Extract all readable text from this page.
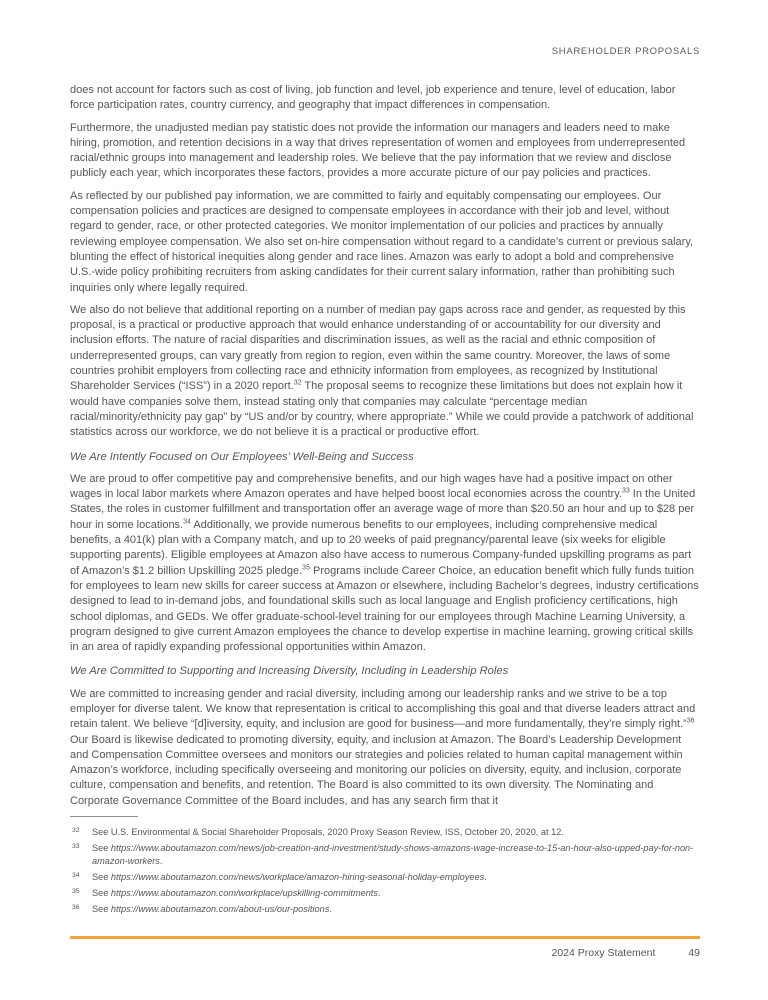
SHAREHOLDER PROPOSALS

does not account for factors such as cost of living, job function and level, job experience and tenure, level of education, labor force participation rates, country currency, and geography that impact differences in compensation.

Furthermore, the unadjusted median pay statistic does not provide the information our managers and leaders need to make hiring, promotion, and retention decisions in a way that drives representation of women and employees from underrepresented racial/ethnic groups into management and leadership roles. We believe that the pay information that we review and disclose publicly each year, which incorporates these factors, provides a more accurate picture of our pay policies and practices.

As reflected by our published pay information, we are committed to fairly and equitably compensating our employees. Our compensation policies and practices are designed to compensate employees in accordance with their job and level, without regard to gender, race, or other protected categories. We monitor implementation of our policies and practices by annually reviewing employee compensation. We also set on-hire compensation without regard to a candidate’s current or previous salary, blunting the effect of historical inequities along gender and race lines. Amazon was early to adopt a bold and comprehensive U.S.-wide policy prohibiting recruiters from asking candidates for their current salary information, rather than prohibiting such inquiries only where legally required.

We also do not believe that additional reporting on a number of median pay gaps across race and gender, as requested by this proposal, is a practical or productive approach that would enhance understanding of or accountability for our diversity and inclusion efforts. The nature of racial disparities and discrimination issues, as well as the racial and ethnic composition of underrepresented groups, can vary greatly from region to region, even within the same country. Moreover, the laws of some countries prohibit employers from collecting race and ethnicity information from employees, as recognized by Institutional Shareholder Services (“ISS”) in a 2020 report.$^{32}$ The proposal seems to recognize these limitations but does not explain how it would have companies solve them, instead stating only that companies may calculate “percentage median racial/minority/ethnicity pay gap” by “US and/or by country, where appropriate.” While we could provide a patchwork of additional statistics across our workforce, we do not believe it is a practical or productive effort.

We Are Intently Focused on Our Employees’ Well-Being and Success

We are proud to offer competitive pay and comprehensive benefits, and our high wages have had a positive impact on other wages in local labor markets where Amazon operates and have helped boost local economies across the country.$^{33}$ In the United States, the roles in customer fulfillment and transportation offer an average wage of more than $20.50 an hour and up to $28 per hour in some locations.$^{34}$ Additionally, we provide numerous benefits to our employees, including comprehensive medical benefits, a 401(k) plan with a Company match, and up to 20 weeks of paid pregnancy/parental leave (six weeks for eligible supporting parents). Eligible employees at Amazon also have access to numerous Company-funded upskilling programs as part of Amazon’s $1.2 billion Upskilling 2025 pledge.$^{35}$ Programs include Career Choice, an education benefit which fully funds tuition for employees to learn new skills for career success at Amazon or elsewhere, including Bachelor’s degrees, industry certifications designed to lead to in-demand jobs, and foundational skills such as local language and English proficiency certifications, high school diplomas, and GEDs. We offer graduate-school-level training for our employees through Machine Learning University, a program designed to give current Amazon employees the chance to develop expertise in machine learning, growing critical skills in an area of rapidly expanding professional opportunities within Amazon.

We Are Committed to Supporting and Increasing Diversity, Including in Leadership Roles

We are committed to increasing gender and racial diversity, including among our leadership ranks and we strive to be a top employer for diverse talent. We know that representation is critical to accomplishing this goal and that diverse leaders attract and retain talent. We believe “[d]iversity, equity, and inclusion are good for business—and more fundamentally, they’re simply right.”$^{36}$ Our Board is likewise dedicated to promoting diversity, equity, and inclusion at Amazon. The Board’s Leadership Development and Compensation Committee oversees and monitors our strategies and policies related to human capital management within Amazon’s workforce, including specifically overseeing and monitoring our policies on diversity, equity, and inclusion, corporate culture, compensation and benefits, and retention. The Board is also committed to its own diversity. The Nominating and Corporate Governance Committee of the Board includes, and has any search firm that it

32 See U.S. Environmental & Social Shareholder Proposals, 2020 Proxy Season Review, ISS, October 20, 2020, at 12.
33 See https://www.aboutamazon.com/news/job-creation-and-investment/study-shows-amazons-wage-increase-to-15-an-hour-also-upped-pay-for-non-amazon-workers.
34 See https://www.aboutamazon.com/news/workplace/amazon-hiring-seasonal-holiday-employees.
35 See https://www.aboutamazon.com/workplace/upskilling-commitments.
36 See https://www.aboutamazon.com/about-us/our-positions.
2024 Proxy Statement	49
